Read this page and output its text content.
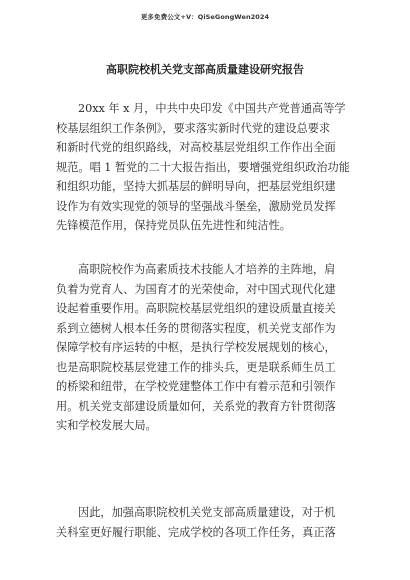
更多免费公文+V：QiSeGongWen2024
高职院校机关党支部高质量建设研究报告
20xx 年 x 月，中共中央印发《中国共产党普通高等学
校基层组织工作条例》，要求落实新时代党的建设总要求
和新时代党的组织路线，对高校基层党组织工作作出全面
规范。唱 1 暂党的二十大报告指出，要增强党组织政治功能
和组织功能，坚持大抓基层的鲜明导向，把基层党组织建
设作为有效实现党的领导的坚强战斗堡垒，激励党员发挥
先锋模范作用，保持党员队伍先进性和纯洁性。
高职院校作为高素质技术技能人才培养的主阵地，肩
负着为党育人、为国育才的光荣使命，对中国式现代化建
设起着重要作用。高职院校基层党组织的建设质量直接关
系到立德树人根本任务的贯彻落实程度，机关党支部作为
保障学校有序运转的中枢，是执行学校发展规划的核心，
也是高职院校基层党建工作的排头兵，更是联系师生员工
的桥梁和纽带，在学校党建整体工作中有着示范和引领作
用。机关党支部建设质量如何，关系党的教育方针贯彻落
实和学校发展大局。
因此，加强高职院校机关党支部高质量建设，对于机
关科室更好履行职能、完成学校的各项工作任务，真正落
